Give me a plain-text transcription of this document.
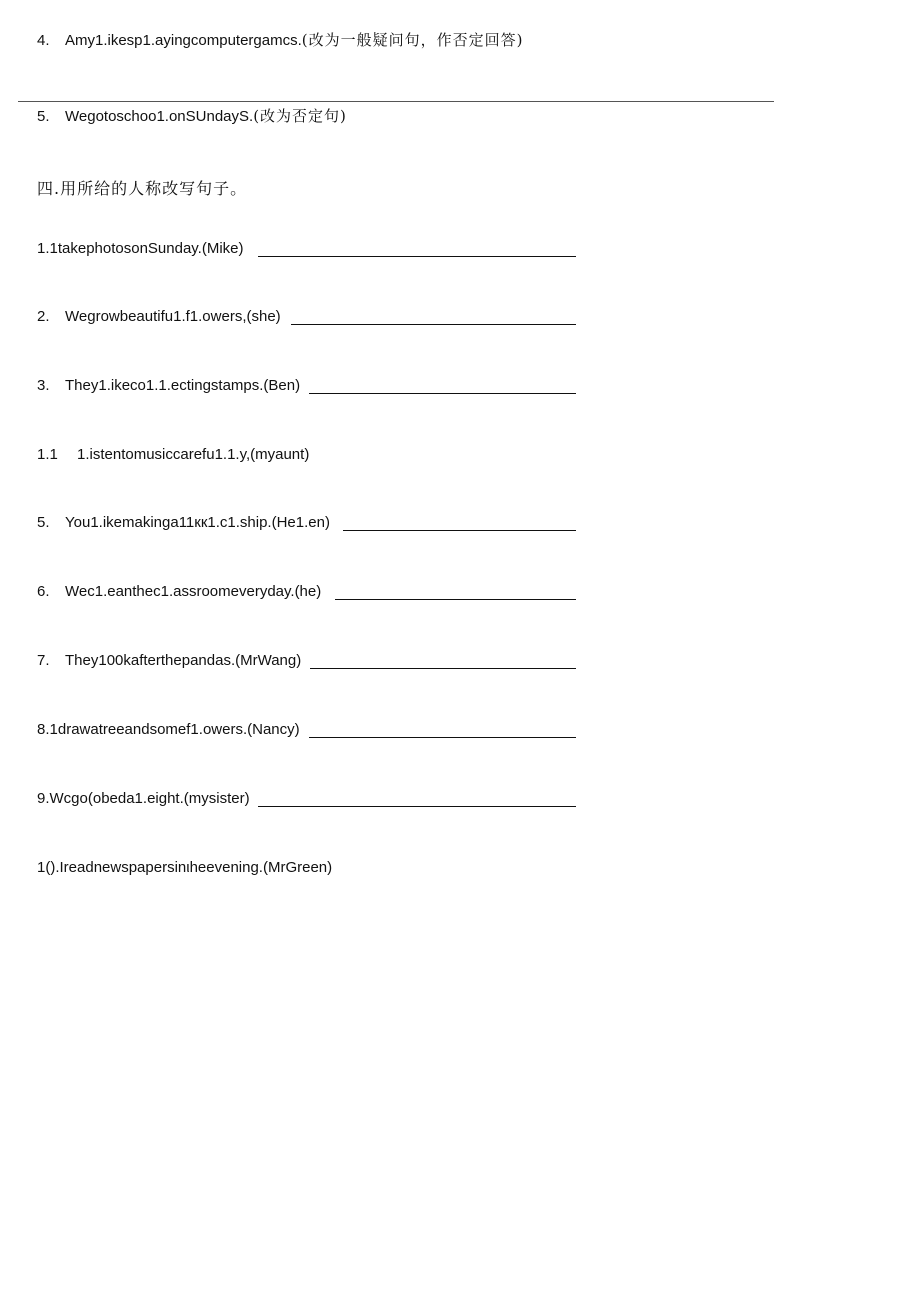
4. Amy1.ikesp1.ayingcomputergamcs.(改为一般疑问句，作否定回答)
5. Wegotoschoo1.onSUndayS.(改为否定句)
四.用所给的人称改写句子。
1.1takephotosonSunday.(Mike)
2. Wegrowbeautifu1.f1.owers,(she)
3. They1.ikeco1.1.ectingstamps.(Ben)
1.1 1.istentomusiccarefu1.1.y,(myaunt)
5. You1.ikemakinga11кк1.c1.ship.(He1.en)
6. Wec1.eanthec1.assroomeveryday.(he)
7. They100kafterthepandas.(MrWang)
8.1drawatreeandsomef1.owers.(Nancy)
9.Wcgo(obeda1.eight.(mysister)
1().Ireadnewspapersinιheevening.(MrGreen)
